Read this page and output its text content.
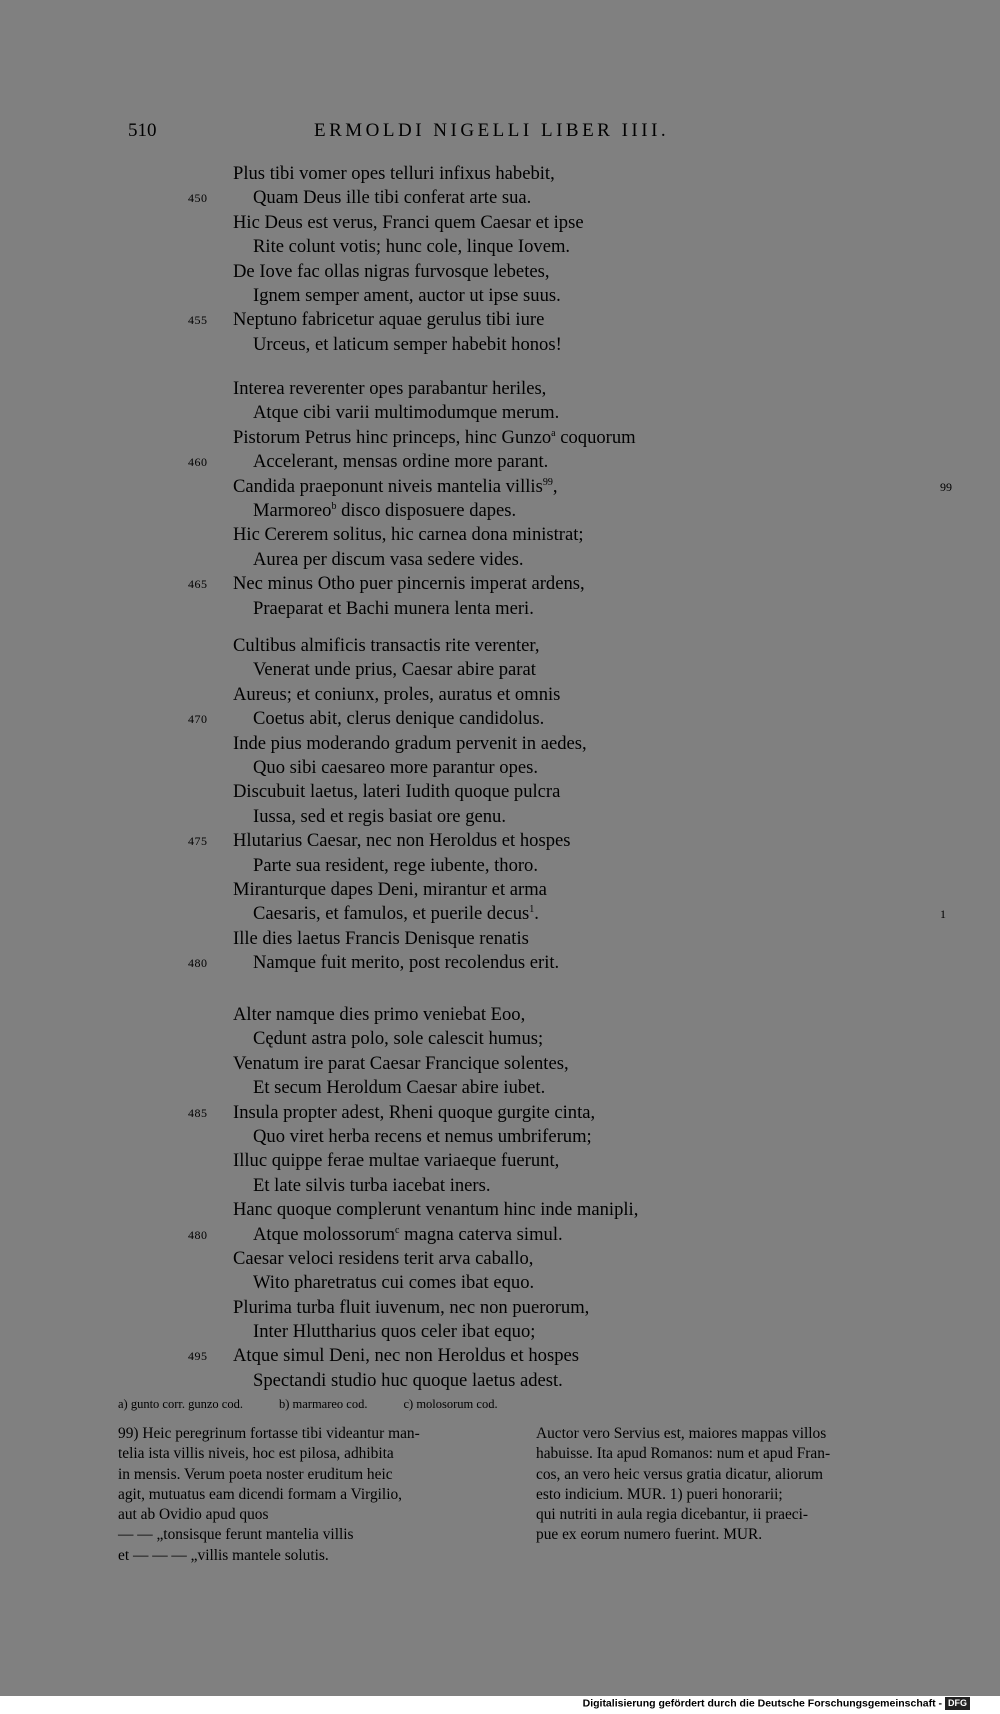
510	ERMOLDI NIGELLI LIBER IIII.
Plus tibi vomer opes telluri infixus habebit,
450 Quam Deus ille tibi conferat arte sua.
Hic Deus est verus, Franci quem Caesar et ipse
Rite colunt votis; hunc cole, linque Iovem.
De Iove fac ollas nigras furvosque lebetes,
Ignem semper ament, auctor ut ipse suus.
455 Neptuno fabricetur aquae gerulus tibi iure
Urceus, et laticum semper habebit honos!
Interea reverenter opes parabantur heriles,
Atque cibi varii multimodumque merum.
Pistorum Petrus hinc princeps, hinc Gunzo$^a$ coquorum
460 Accelerant, mensas ordine more parant.
Candida praeponunt niveis mantelia villis$^{99}$,	99
Marmoreo$^b$ disco disposuere dapes.
Hic Cererem solitus, hic carnea dona ministrat;
Aurea per discum vasa sedere vides.
465 Nec minus Otho puer pincernis imperat ardens,
Praeparat et Bachi munera lenta meri.
Cultibus almificis transactis rite verenter,
Venerat unde prius, Caesar abire parat
Aureus; et coniunx, proles, auratus et omnis
470 Coetus abit, clerus denique candidolus.
Inde pius moderando gradum pervenit in aedes,
Quo sibi caesareo more parantur opes.
Discubuit laetus, lateri Iudith quoque pulcra
Iussa, sed et regis basiat ore genu.
475 Hlutarius Caesar, nec non Heroldus et hospes
Parte sua resident, rege iubente, thoro.
Miranturque dapes Deni, mirantur et arma
Caesaris, et famulos, et puerile decus$^1$.	1
Ille dies laetus Francis Denisque renatis
480 Namque fuit merito, post recolendus erit.
Alter namque dies primo veniebat Eoo,
Cędunt astra polo, sole calescit humus;
Venatum ire parat Caesar Francique solentes,
Et secum Heroldum Caesar abire iubet.
485 Insula propter adest, Rheni quoque gurgite cinta,
Quo viret herba recens et nemus umbriferum;
Illuc quippe ferae multae variaeque fuerunt,
Et late silvis turba iacebat iners.
Hanc quoque complerunt venantum hinc inde manipli,
480 Atque molossorum$^c$ magna caterva simul.
Caesar veloci residens terit arva caballo,
Wito pharetratus cui comes ibat equo.
Plurima turba fluit iuvenum, nec non puerorum,
Inter Hluttharius quos celer ibat equo;
495 Atque simul Deni, nec non Heroldus et hospes
Spectandi studio huc quoque laetus adest.
a) gunto corr. gunzo cod.	b) marmareo cod.	c) molosorum cod.
99) Heic peregrinum fortasse tibi videantur man-
telia ista villis niveis, hoc est pilosa, adhibita
in mensis. Verum poeta noster eruditum heic
agit, mutuatus eam dicendi formam a Virgilio,
aut ab Ovidio apud quos
— — „tonsisque ferunt mantelia villis
et — — — „villis mantele solutis.
Auctor vero Servius est, maiores mappas villos
habuisse. Ita apud Romanos: num et apud Fran-
cos, an vero heic versus gratia dicatur, aliorum
esto indicium. MUR. 1) pueri honorarii;
qui nutriti in aula regia dicebantur, ii praeci-
pue ex eorum numero fuerint. MUR.
Digitalisierung gefördert durch die Deutsche Forschungsgemeinschaft - DFG
